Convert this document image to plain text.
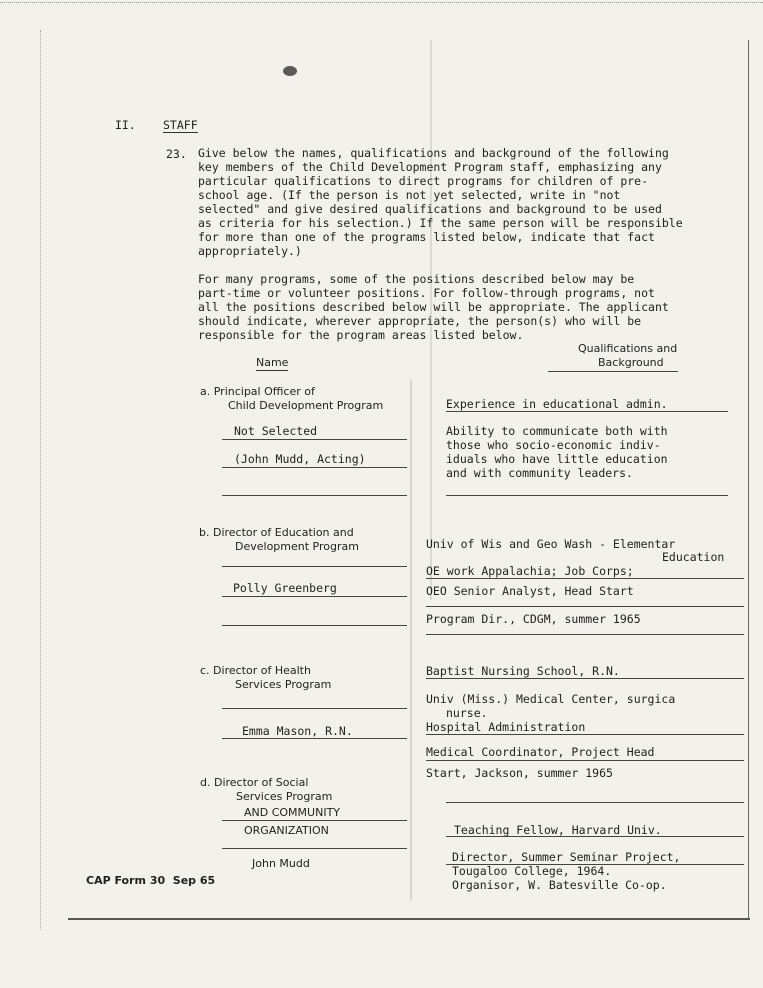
II. STAFF
23. Give below the names, qualifications and background of the following
key members of the Child Development Program staff, emphasizing any
particular qualifications to direct programs for children of pre-
school age. (If the person is not yet selected, write in "not
selected" and give desired qualifications and background to be used
as criteria for his selection.) If the same person will be responsible
for more than one of the programs listed below, indicate that fact
appropriately.)
For many programs, some of the positions described below may be
part-time or volunteer positions. For follow-through programs, not
all the positions described below will be appropriate. The applicant
should indicate, wherever appropriate, the person(s) who will be
responsible for the program areas listed below.
Name
Qualifications and
Background
a. Principal Officer of
Child Development Program
Not Selected
(John Mudd, Acting)
Experience in educational admin.
Ability to communicate both with
those who socio-economic indiv-
iduals who have little education
and with community leaders.
b. Director of Education and
Development Program
Polly Greenberg
Univ of Wis and Geo Wash - Elementar
Education
OE work Appalachia; Job Corps;
OEO Senior Analyst, Head Start
Program Dir., CDGM, summer 1965
c. Director of Health
Services Program
Emma Mason, R.N.
Baptist Nursing School, R.N.
Univ (Miss.) Medical Center, surgica
nurse.
Hospital Administration
Medical Coordinator, Project Head
Start, Jackson, summer 1965
d. Director of Social
Services Program
AND COMMUNITY
ORGANIZATION
John Mudd
Teaching Fellow, Harvard Univ.
Director, Summer Seminar Project,
Tougaloo College, 1964.
Organisor, W. Batesville Co-op.
CAP Form 30  Sep 65
